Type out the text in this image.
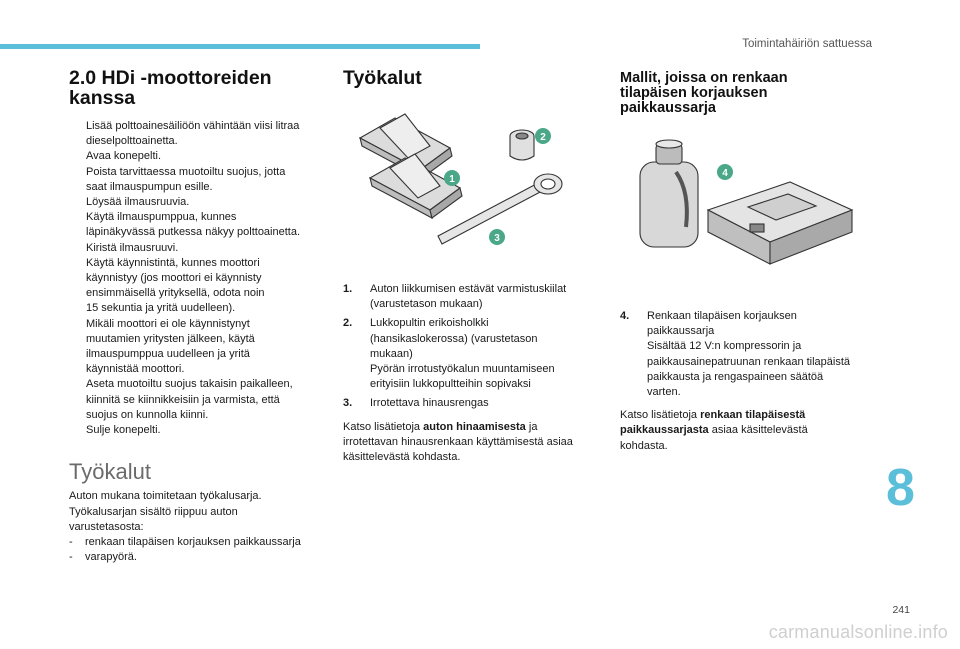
Toimintahäiriön sattuessa
2.0 HDi -moottoreiden
kanssa
Lisää polttoainesäiliöön vähintään viisi litraa
dieselpolttoainetta.
Avaa konepelti.
Poista tarvittaessa muotoiltu suojus, jotta
saat ilmauspumpun esille.
Löysää ilmausruuvia.
Käytä ilmauspumppua, kunnes
läpinäkyvässä putkessa näkyy polttoainetta.
Kiristä ilmausruuvi.
Käytä käynnistintä, kunnes moottori
käynnistyy (jos moottori ei käynnisty
ensimmäisellä yrityksellä, odota noin
15 sekuntia ja yritä uudelleen).
Mikäli moottori ei ole käynnistynyt
muutamien yritysten jälkeen, käytä
ilmauspumppua uudelleen ja yritä
käynnistää moottori.
Aseta muotoiltu suojus takaisin paikalleen,
kiinnitä se kiinnikkeisiin ja varmista, että
suojus on kunnolla kiinni.
Sulje konepelti.
Työkalut

Auton mukana toimitetaan työkalusarja.
Työkalusarjan sisältö riippuu auton
varustetasosta:

- renkaan tilapäisen korjauksen paikkaussarja
- varapyörä.
Työkalut
1. Auton liikkumisen estävät varmistuskiilat
(varustetason mukaan)
2. Lukkopultin erikoisholkki
(hansikaslokerossa) (varustetason
mukaan)
Pyörän irrotustyökalun muuntamiseen
erityisiin lukkopultteihin sopivaksi
3. Irrotettava hinausrengas

Katso lisätietoja auton hinaamisesta ja
irrotettavan hinausrenkaan käyttämisestä asiaa
käsittelevästä kohdasta.

Mallit, joissa on renkaan
tilapäisen korjauksen
paikkaussarja
4. Renkaan tilapäisen korjauksen
paikkaussarja
Sisältää 12 V:n kompressorin ja
paikkausainepatruunan renkaan tilapäistä
paikkausta ja rengaspaineen säätöä
varten.

Katso lisätietoja renkaan tilapäisestä
paikkaussarjasta asiaa käsittelevästä
kohdasta.

1
2
3
4
8
241
carmanualsonline.info
